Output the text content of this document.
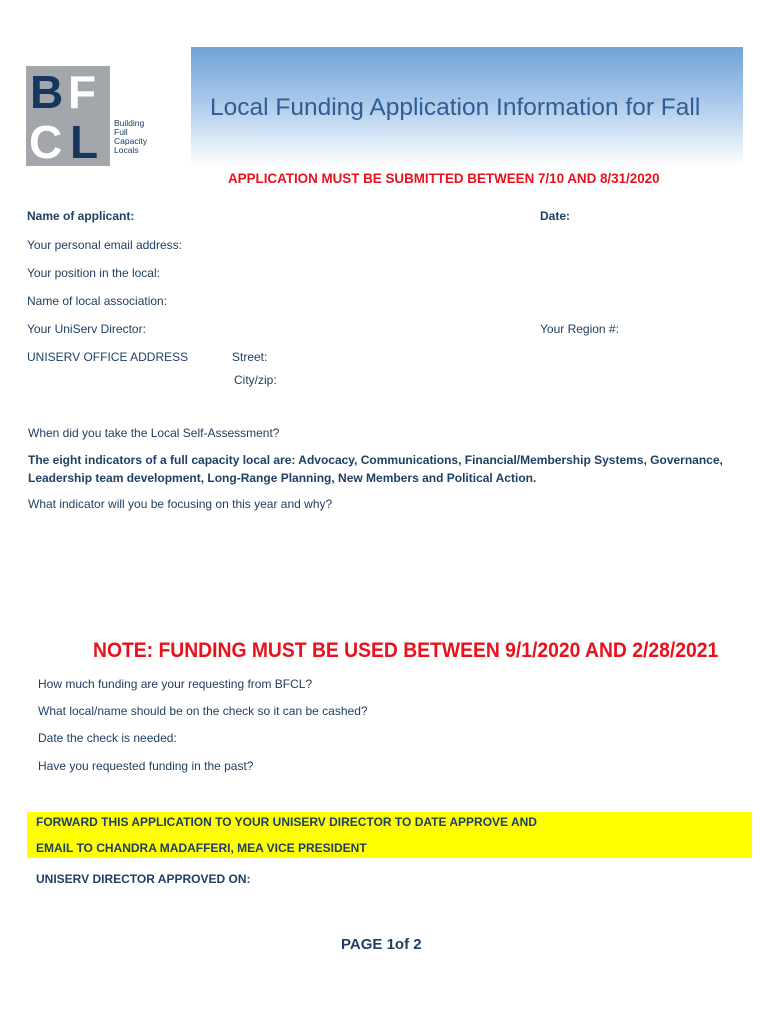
Local Funding Application Information for Fall
B F
C L Building
Full
Capacity
Locals
APPLICATION MUST BE SUBMITTED BETWEEN 7/10 AND 8/31/2020
Name of applicant:	Date:
Your personal email address:
Your position in the local:
Name of local association:
Your UniServ Director:	Your Region #:
UNISERV OFFICE ADDRESS	Street:
City/zip:
When did you take the Local Self-Assessment?
The eight indicators of a full capacity local are: Advocacy, Communications, Financial/Membership Systems, Governance, Leadership team development, Long-Range Planning, New Members and Political Action.
What indicator will you be focusing on this year and why?
NOTE: FUNDING MUST BE USED BETWEEN 9/1/2020 AND 2/28/2021
How much funding are your requesting from BFCL?
What local/name should be on the check so it can be cashed?
Date the check is needed:
Have you requested funding in the past?
FORWARD THIS APPLICATION TO YOUR UNISERV DIRECTOR TO DATE APPROVE AND
EMAIL TO CHANDRA MADAFFERI, MEA VICE PRESIDENT
UNISERV DIRECTOR APPROVED ON:
PAGE 1of 2
